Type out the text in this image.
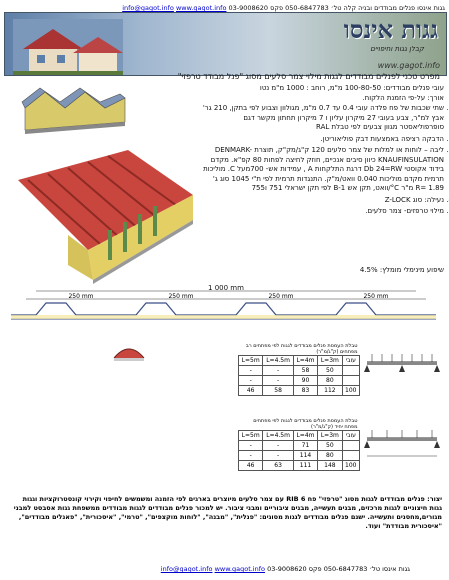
גגות אינסו פנלים מבודדים ובניה קלה טל׳ 050-6847783 פקס 03-9008620 info@gagot.info www.gagot.info
גגות אינסו
קבלן גגות וחיפויים
www.gagot.info
מפרט טכני לפנלים מבודדים לגגות מילוי צמר סלעים מסוג "פנל מבודד טרפזי"
עובי פנלים מבודדים: 100-80-50 מ"מ, רוחב : 1000 מ"מ נטו
אורך: על-פי הזמנת הלקוח.
1. שתי שכבות של פח פלדה עובי 0.4 עד 0.7 מ"מ, מגולוון וצבוע לפי בתקן, 210 גר' אבץ למ"ר, צבע בעובי 27 מיקרון עליון ו 7 מיקרון תחתון מקשר דגם סופרפוליאסטר מגוון צבעים לפי טבלת RAL
2. הדבקה רציפה באמצעות דבק פוליאוריטן.
3. ליבה – לוחות או למלות של צמר סלעים 120 ק"ג/מק"ק, תוצרת DENMARK-KNAUFINSULATION כיוון סיבים אנכיים, חוזק לחיצה לפחות 80 קפ"א. מקדם בידוד אקוסטי Db 24=RW דרגת התלקחות A , עמידות אש- 700מעל C. מוליכות תרמית מקדם מוליכות 0.040 וואט/מ"ק. התנגדות תרמית לפי ת"י 1045 סוג ג' R= 1.89 מ"ר C°/וואט, תקן אש 1-B לפי תקן ישראלי 751 ו755
4. נעילה: סוג Z-LOCK
5. מילוי טרפזים- צמר סלעים.
שיפוע מינימלי מומלץ: 4.5%
1 000 mm
250 mm	250 mm	250 mm	250 mm
טבלת העמסת פנלים מבודדים לגגות לפי מפתחים רב מפתחים (ק"ג/מ"ר)				
L=5m	L=4.5m	L=4m	L=3m	עובי
-	-	58	50	
-	-	90	80	
46	58	83	112	100
טבלת העמסת פנלים מבודדים לגגות לפי מפתחים מפתח יחיד (ק"ג/מ"ר)				
L=5m	L=4.5m	L=4m	L=3m	עובי
-	-	71	50	
-	-	114	80	
46	63	111	148	100
יצור: פנלים מבודדים לגגות מסוג "טרפזי" פח 6 RIB עם צמר סלעים מיוצרים בארגים לפי הזמנה ומשמשים לחיפוי וקירוי קונסטרוקציות וגגות גגות חיצוניים לגגות מרכזים, מבנים תעשייה, מבנים ציבוריים ומבני ציבור. יש למכור פנלים מבודדים לגגות מבודדים ממשפחת גגות אסבסט למבני מגורים,מחסנים ותעשייה. ישנם פנלים מבודדים לגגות מסוגים: "פנלית", "מבנה", "לוחות מוקצפים", "טרמי", "איסכורית", "פאנלים מבודדים", "איסכורית מבודדת" ועוד.
גגות אינסו טל׳ 050-6847783 פקס 03-9008620 info@gagot.info www.gagot.info
